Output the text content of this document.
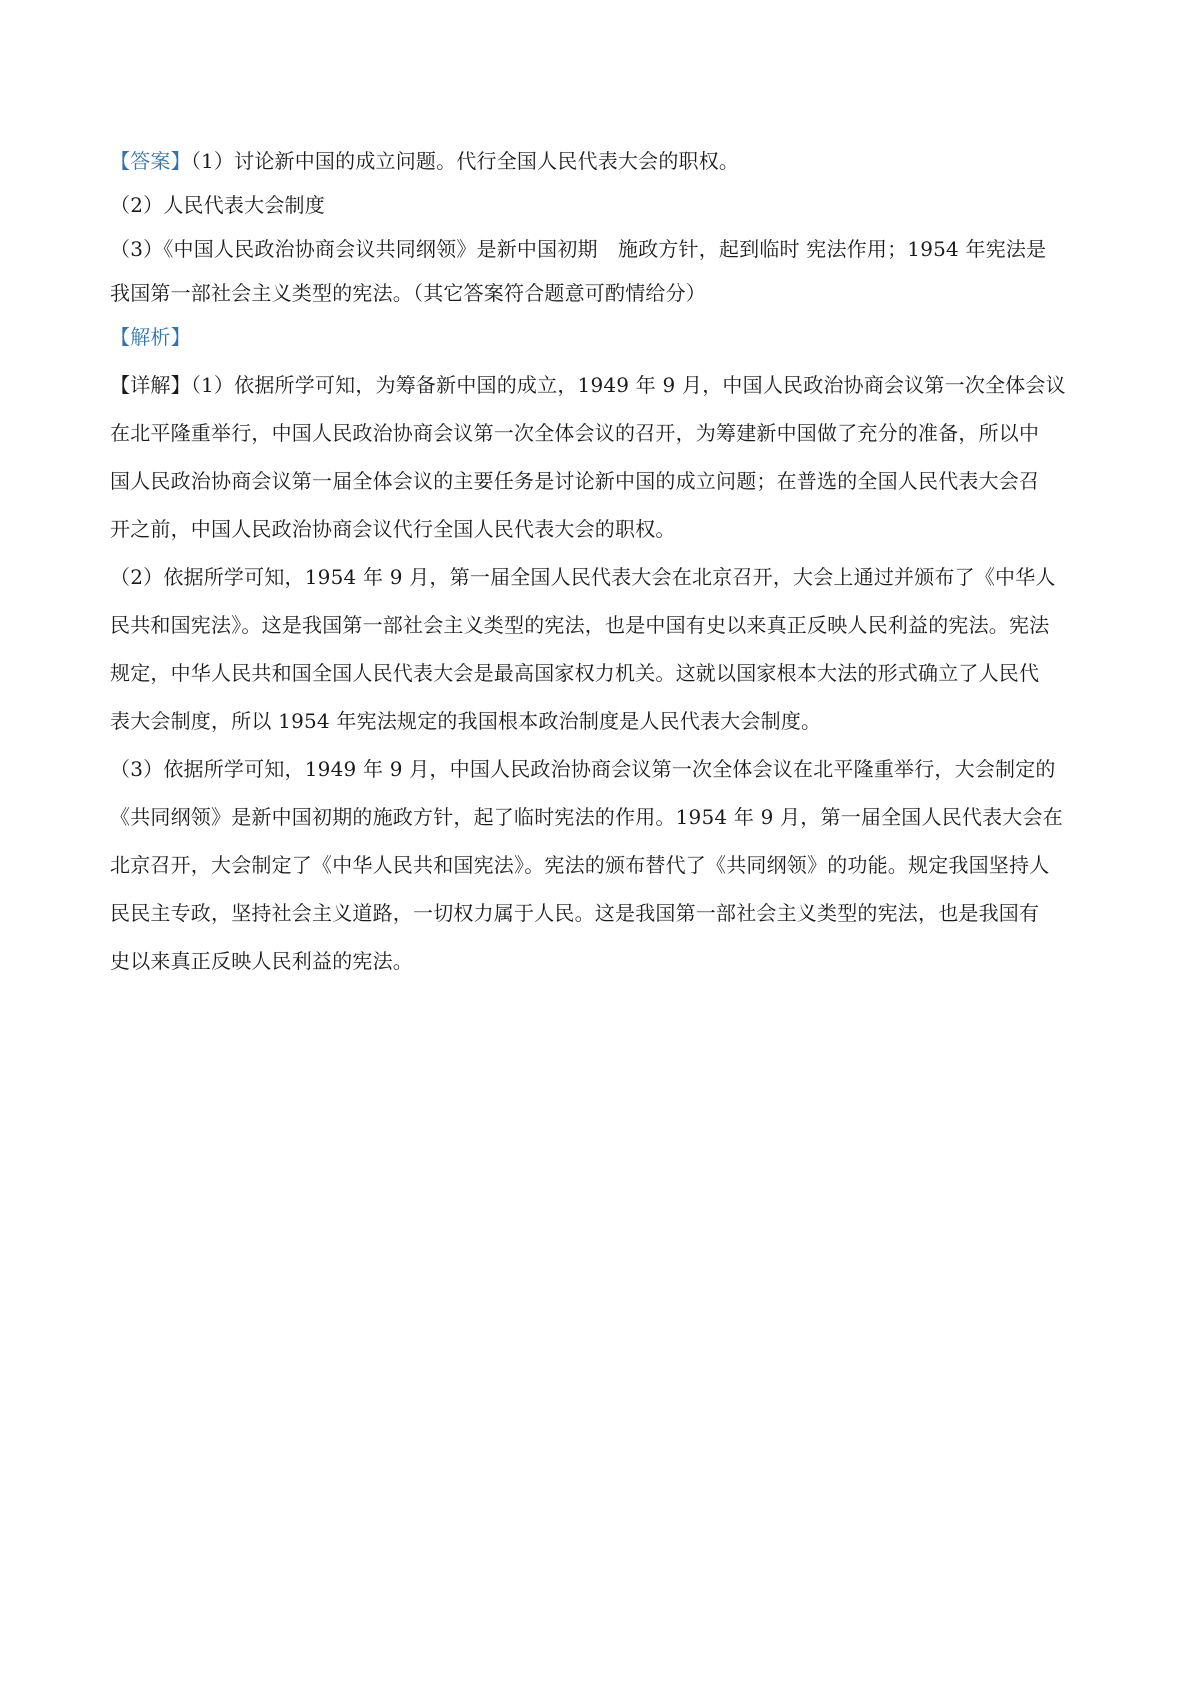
【答案】（1）讨论新中国的成立问题。代行全国人民代表大会的职权。

（2）人民代表大会制度

（3）《中国人民政治协商会议共同纲领》是新中国初期　施政方针，起到临时 宪法作用；1954 年宪法是

我国第一部社会主义类型的宪法。（其它答案符合题意可酌情给分）

【解析】

【详解】（1）依据所学可知，为筹备新中国的成立，1949 年 9 月，中国人民政治协商会议第一次全体会议

在北平隆重举行，中国人民政治协商会议第一次全体会议的召开，为筹建新中国做了充分的准备，所以中

国人民政治协商会议第一届全体会议的主要任务是讨论新中国的成立问题；在普选的全国人民代表大会召

开之前，中国人民政治协商会议代行全国人民代表大会的职权。

（2）依据所学可知，1954 年 9 月，第一届全国人民代表大会在北京召开，大会上通过并颁布了《中华人

民共和国宪法》。这是我国第一部社会主义类型的宪法，也是中国有史以来真正反映人民利益的宪法。宪法

规定，中华人民共和国全国人民代表大会是最高国家权力机关。这就以国家根本大法的形式确立了人民代

表大会制度，所以 1954 年宪法规定的我国根本政治制度是人民代表大会制度。

（3）依据所学可知，1949 年 9 月，中国人民政治协商会议第一次全体会议在北平隆重举行，大会制定的

《共同纲领》是新中国初期的施政方针，起了临时宪法的作用。1954 年 9 月，第一届全国人民代表大会在

北京召开，大会制定了《中华人民共和国宪法》。宪法的颁布替代了《共同纲领》的功能。规定我国坚持人

民民主专政，坚持社会主义道路，一切权力属于人民。这是我国第一部社会主义类型的宪法，也是我国有

史以来真正反映人民利益的宪法。
